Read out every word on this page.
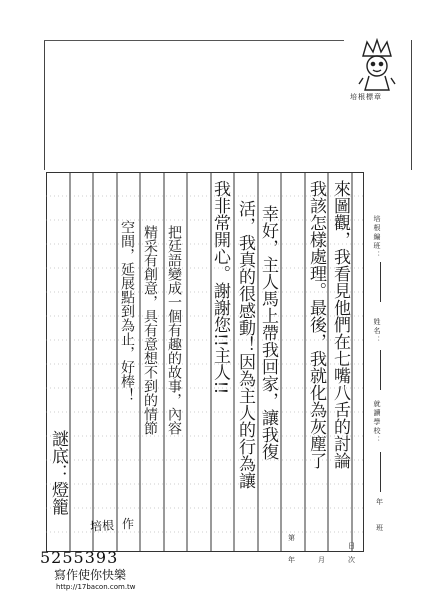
培根標章
來圖觀，我看見他們在七嘴八舌的討論
我該怎樣處理。最後，我就化為灰塵了
活，我真的很感動！因為主人的行為讓
我非常開心。謝謝您!!主人!! 幸好，主人馬上帶我回家，讓我復
把廷語變成一個有趣的故事，內容
精采有創意，具有意想不到的情節
空間，延展點到為止，好棒！
謎底：燈籠
培根 作
培根編班：
姓名：
就讀學校：
年
班
第
次
年	月
日
5255393
寫作使你快樂
http://17bacon.com.tw
